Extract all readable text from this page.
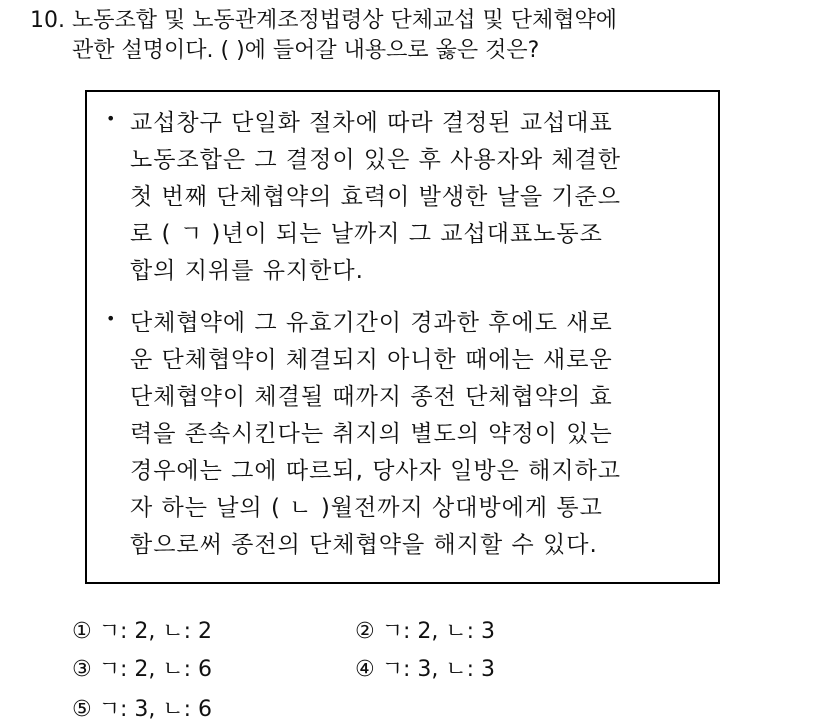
10. 노동조합 및 노동관계조정법령상 단체교섭 및 단체협약에
관한 설명이다. ( )에 들어갈 내용으로 옳은 것은?
• 교섭창구 단일화 절차에 따라 결정된 교섭대표
노동조합은 그 결정이 있은 후 사용자와 체결한
첫 번째 단체협약의 효력이 발생한 날을 기준으
로 ( ㄱ )년이 되는 날까지 그 교섭대표노동조
합의 지위를 유지한다.
• 단체협약에 그 유효기간이 경과한 후에도 새로
운 단체협약이 체결되지 아니한 때에는 새로운
단체협약이 체결될 때까지 종전 단체협약의 효
력을 존속시킨다는 취지의 별도의 약정이 있는
경우에는 그에 따르되, 당사자 일방은 해지하고
자 하는 날의 ( ㄴ )월전까지 상대방에게 통고
함으로써 종전의 단체협약을 해지할 수 있다.
① ㄱ: 2, ㄴ: 2	② ㄱ: 2, ㄴ: 3
③ ㄱ: 2, ㄴ: 6	④ ㄱ: 3, ㄴ: 3
⑤ ㄱ: 3, ㄴ: 6
